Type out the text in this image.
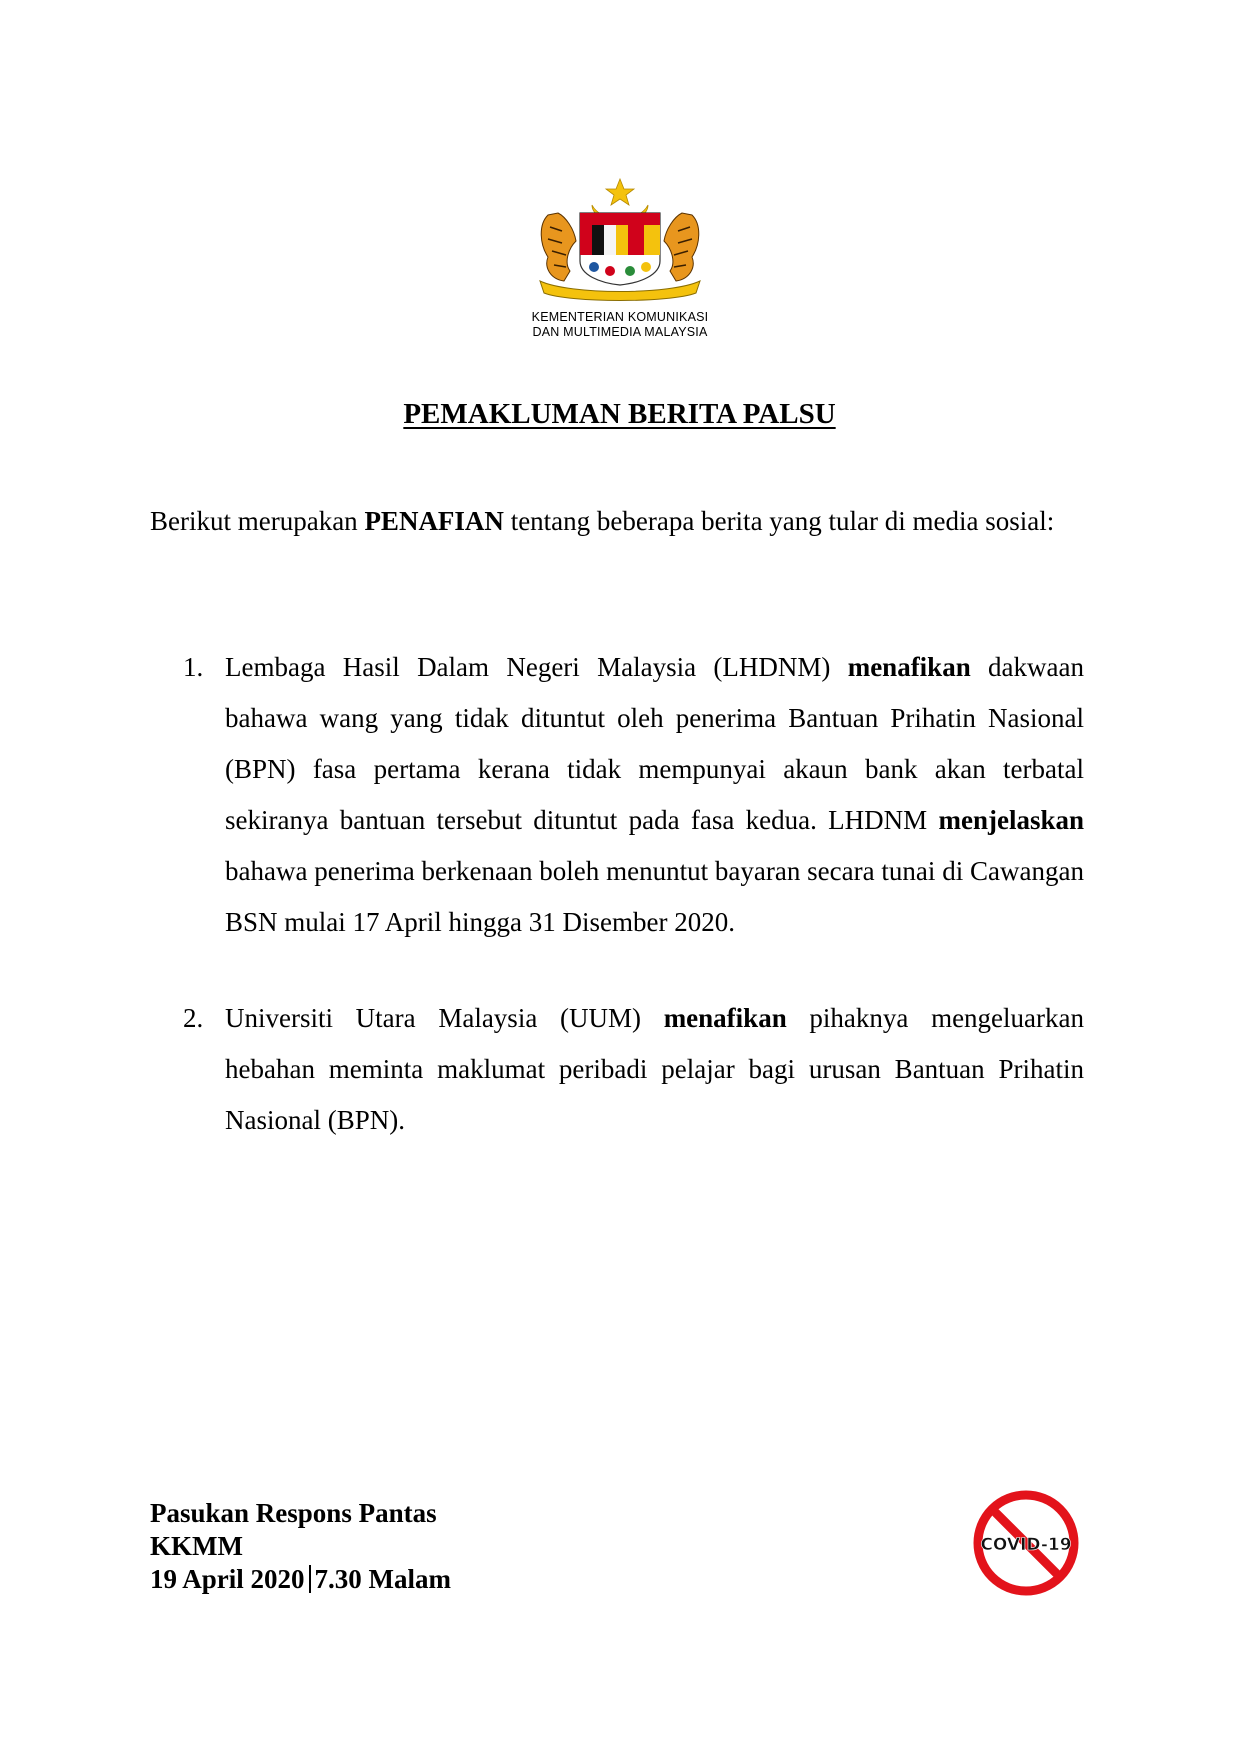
KEMENTERIAN KOMUNIKASI
DAN MULTIMEDIA MALAYSIA
PEMAKLUMAN BERITA PALSU
Berikut merupakan PENAFIAN tentang beberapa berita yang tular di media sosial:
1. Lembaga Hasil Dalam Negeri Malaysia (LHDNM) menafikan dakwaan bahawa wang yang tidak dituntut oleh penerima Bantuan Prihatin Nasional (BPN) fasa pertama kerana tidak mempunyai akaun bank akan terbatal sekiranya bantuan tersebut dituntut pada fasa kedua. LHDNM menjelaskan bahawa penerima berkenaan boleh menuntut bayaran secara tunai di Cawangan BSN mulai 17 April hingga 31 Disember 2020.
2. Universiti Utara Malaysia (UUM) menafikan pihaknya mengeluarkan hebahan meminta maklumat peribadi pelajar bagi urusan Bantuan Prihatin Nasional (BPN).
Pasukan Respons Pantas
KKMM
19 April 2020 7.30 Malam
COVID-19
